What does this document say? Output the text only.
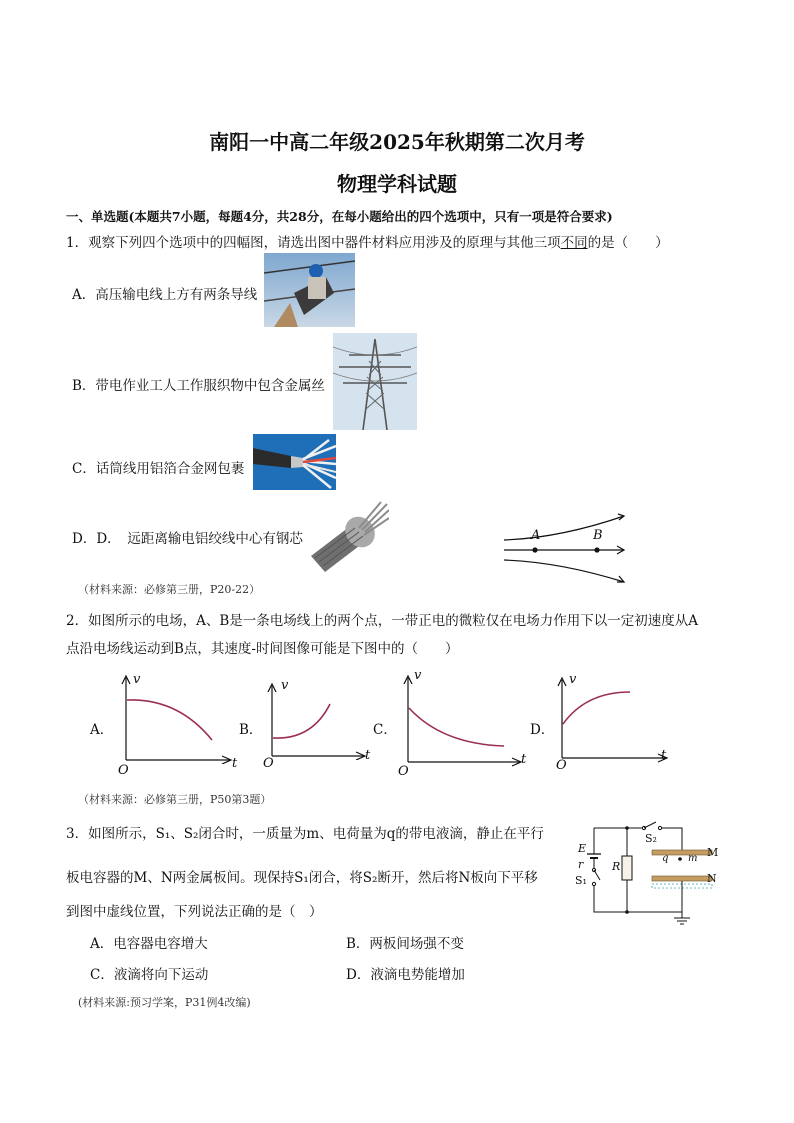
南阳一中高二年级2025年秋期第二次月考
物理学科试题
一、单选题(本题共7小题，每题4分，共28分，在每小题给出的四个选项中，只有一项是符合要求)
1．观察下列四个选项中的四幅图，请选出图中器件材料应用涉及的原理与其他三项不同的是（　　）
A．高压输电线上方有两条导线
B．带电作业工人工作服织物中包含金属丝
C．话筒线用铝箔合金网包裹
D．D．　远距离输电铝绞线中心有钢芯	A	B
（材料来源：必修第三册，P20-22）
2．如图所示的电场，A、B是一条电场线上的两个点，一带正电的微粒仅在电场力作用下以一定初速度从A
点沿电场线运动到B点，其速度-时间图像可能是下图中的（　　）
A．
v
t
O
B．
v
t
O
C．
v
t
O
D．
v
t
O
（材料来源：必修第三册，P50第3题）
3．如图所示，S₁、S₂闭合时，一质量为m、电荷量为q的带电液滴，静止在平行
板电容器的M、N两金属板间。现保持S₁闭合，将S₂断开，然后将N板向下平移
到图中虚线位置，下列说法正确的是（　）
A．电容器电容增大	B．两板间场强不变
C．液滴将向下运动	D．液滴电势能增加
(材料来源:预习学案，P31例4改编)
E
r
S₁
R
S₂
M
N
q m
